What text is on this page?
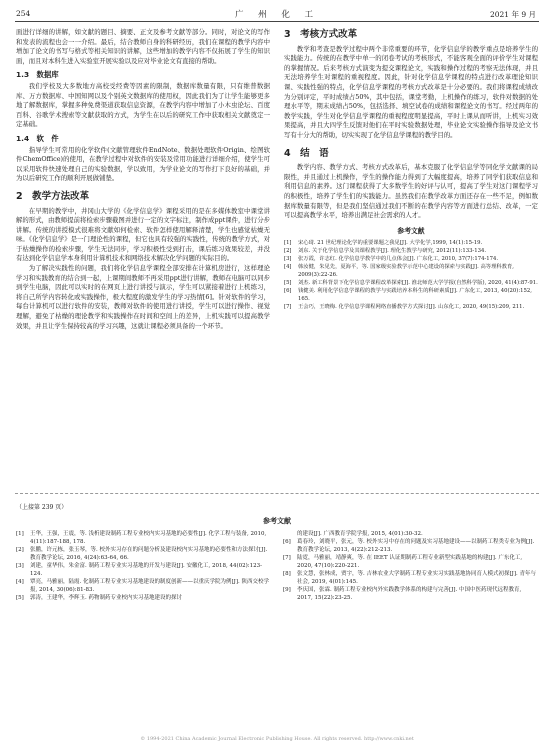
254	广 州 化 工	2021 年 9 月

面进行详细的讲解，如文献的题目、摘要、正文及参考文献等部分。同时，对论文的写作和发表的流程也会一一介绍。最后，结合教师自身的科研经历，我们在课程的教学内容中增加了论文的书写与格式等相关知识的讲解，这些增加的教学内容不仅拓展了学生的知识面，而且对本科生进入实验室开展实验以及应对毕业论文有直接的帮助。

1.3　数据库

我们学校及大多数地方高校受经费等因素的限制，数据库数量有限，只有维普数据库、万方数据库、中国知网以及个别英文数据库的使用权，因此我们为了让学生能够更多地了解数据库，掌握多种免费渠道获取信息资源，在教学内容中增加了小木虫论坛、百度百科、谷歌学术搜索等文献获取的方式，为学生在以后的研究工作中获取相关文献奠定一定基础。

1.4　软　件

指导学生可常用的化学软件(文献管理软件EndNote、数据处理软件Origin、绘图软件ChemOffice)的使用，在教学过程中对软件的安装及常用功能进行详细介绍，使学生可以采用软件快速处理自己的实验数据，学以致用，为学业论文的写作打下良好的基础，并为以后研究工作的顺利开展做铺垫。

2　教学方法改革

在早期的教学中，井冈山大学的《化学信息学》课程采用的是在多媒体教室中课堂讲解的形式，由教师提前将检索步骤截图并进行一定的文字标注，制作成ppt课件，进行分步讲解。传统的讲授模式很难将文献如何检索、软件怎样使用解释清楚，学生也感觉枯燥无味。《化学信息学》是一门理论性的课程，但它也具有较强的实践性，传统的教学方式，对于枯燥操作的检索步骤，学生无法同步，学习积极性受到打击，课后练习效果较差，并没有达到化学信息学本身利用计算机技术和网络技术解决化学问题的实际目的。

为了解决实践性的问题，我们将化学信息学课程全部安排在计算机房进行，这样理论学习和实践教育的结合到一起，上课期间教师不再采用ppt进行讲解，教师在电脑可以同步到学生电脑，因此可以实时的在网页上进行讲授与演示，学生可以紧接着进行上机练习，将自己所学内容转化或实践操作，极大程度的激发学生的学习热情[6]。针对软件的学习，每台计算机可以进行软件的安装，教师对软件的使用进行讲授，学生可以进行操作、视觉理解，避免了枯燥的理论教学和实践操作在时间和空间上的差异，上机实践可以提高教学效果，并且让学生保持较高的学习兴趣，这就让课程必须具备的一个环节。

3　考核方式改革

教学和考查是教学过程中两个非常重要的环节，化学信息学的教学重点是培养学生的实践能力。传统的在教学中单一的闭卷考试的考核形式，不能客观全面的评价学生对课程的掌握情况。后来考核方式演变为提交课程论文，实践和操作过程的考察无法体现，并且无法培养学生对课程的重视程度。因此，针对化学信息学课程的特点进行改革理论知识课、实践性强的特点，化学信息学课程的考核方式改革是十分必要的。我们将课程成绩改为分别评定，平时成绩占50%，其中包括，课堂考勤，上机操作的练习，软件对数据的处理水平等，期末成绩占50%，包括选择、填空试卷的成绩和课程论文的书写。经过两年的教学实践，学生对化学信息学课程的重视程度明显提高，平时上课从而听讲，上机实习效果提高，并且大四学生反馈对他们在平时实验数据处理，毕业论文实验操作指导及论文书写有十分大的帮助，切实实现了化学信息学课程的教学目的。

4　结　语

教学内容、教学方式、考核方式改革后，基本克服了化学信息学等同化学文献课的局限性，并且通过上机操作，学生的操作能力得到了大幅度提高，培养了同学们获取信息和利用信息的素养。这门课程获得了大多数学生的好评与认可，提高了学生对这门课程学习的积极性，培养了学生们的实践能力。虽然我们在教学改革方面还存在一些不足，例如数据库数量有限等，但是我们坚信通过我们不断的在教学内容等方面进行总结、改革，一定可以提高教学水平，培养出满足社会需求的人才。

参考文献
[1]	宋心琦. 21 世纪理论化学的重要课题之我见[J]. 大学化学,1999, 14(1):15-19.
[2]	刘东. 关于化学信息学及其课程教学[J]. 理化生教学与研究, 2012(11):133-134.
[3]	张万霞，许志红. 化学信息学教学中的几点体会[J]. 广东化工, 2010, 37(7):174-174.
[4]	韩汝健，朱见先，夏海平，等. 国家级实验教学示范中心建设的探索与实践[J]. 高等理科教育, 2009(3):22-26.
[5]	刘杰. 新工科背景下化学信息学课程改革探索[J]. 淮北师范大学学报(自然科学版), 2020, 41(4):87-91.
[6]	钱健美. 利用化学信息学课程的教学与实践培养本科生的科研素质[J]. 广东化工, 2013, 40(20):152, 165.
[7]	王会巧，王晓梅. 化学信息学课程网络直播教学方式探讨[J]. 山东化工, 2020, 49(15):209, 211.
（上接第 239 页）
参考文献
[1]	王华，王强，王震，等. 浅析建设制药工程专业校内实习基地的必要性[J]. 化学工程与装备, 2010, 4(11):187-188, 178.
[2]	张鹏，许元栋，张玉琴，等. 校外实习存在的问题分析及建设校内实习基地的必要性和方法探讨[J]. 教育教学论坛, 2016, 4(24):63-64, 66.
[3]	刘建，童华伟，朱金富. 制药工程专业实习基地的开发与建设[J]. 安徽化工, 2018, 44(02):123-124.
[4]	覃亮，马雅丽，陆霞. 化制药工程专业实习基地建设的制度创新——以重庆学院为例[J]. 陕西交校学报, 2014, 30(06):81-83.
[5]	郭涛，王建华，李辉玉. 药物制药专业校内实习基地建设的探讨
的建设[J]. 广西教育学院学报, 2015, 4(01):30-32.
[6]	葛春玲，刘晓平，张元，等. 校外实习中存在的问题及实习基地建设——以制药工程类专业为例[J]. 教育教学论坛, 2013, 4(22):212-213.
[7]	陆霓，马雅丽，靖静爽，等. 在 IEET 认证期制药工程专业新型实践基地的构建[J]. 广东化工, 2020, 47(10):220-221.
[8]	张文慧，张林成，贾宇，等. 吉林农业大学制药工程专业实习实践基地协同育人模式初探[J]. 青年与社会, 2019, 4(01):145.
[9]	李庆国，张霖. 制药工程专业校内外实践教学体系的构建与完善[J]. 中国中医药现代远程教育, 2017, 15(22):23-25.
© 1994-2021 China Academic Journal Electronic Publishing House. All rights reserved. http://www.cnki.net
